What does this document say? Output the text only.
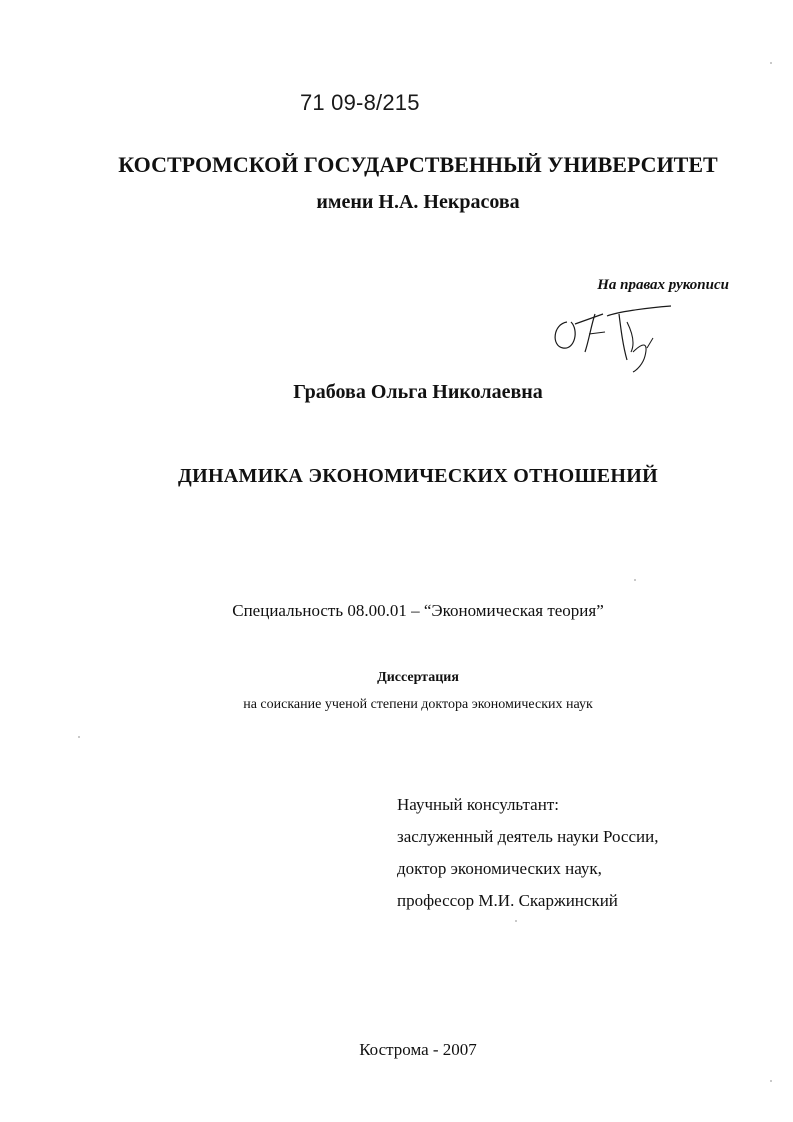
71 09-8/215
КОСТРОМСКОЙ ГОСУДАРСТВЕННЫЙ УНИВЕРСИТЕТ
имени Н.А. Некрасова
На правах рукописи
Грабова Ольга Николаевна
ДИНАМИКА ЭКОНОМИЧЕСКИХ ОТНОШЕНИЙ
Специальность 08.00.01 – “Экономическая теория”
Диссертация
на соискание ученой степени доктора экономических наук
Научный консультант:
заслуженный деятель науки России,
доктор экономических наук,
профессор М.И. Скаржинский
Кострома - 2007
